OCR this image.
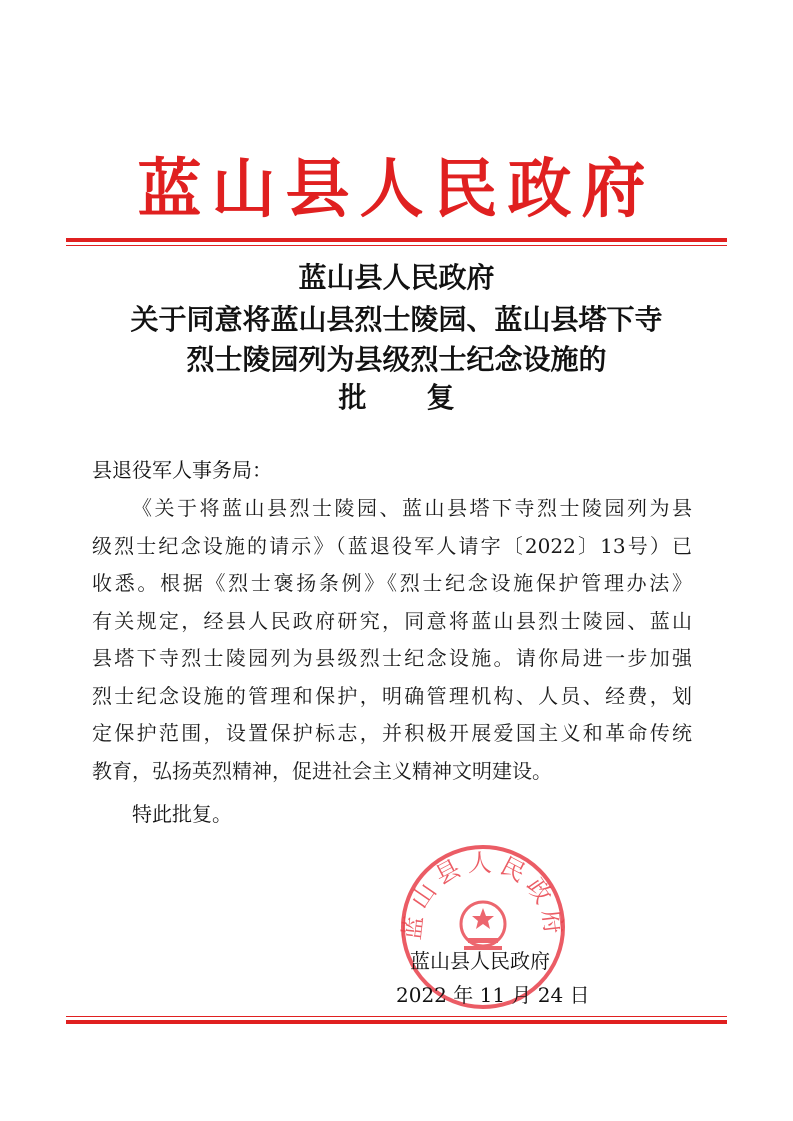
蓝山县人民政府
蓝山县人民政府
关于同意将蓝山县烈士陵园、蓝山县塔下寺
烈士陵园列为县级烈士纪念设施的
批复
县退役军人事务局：
《关于将蓝山县烈士陵园、蓝山县塔下寺烈士陵园列为县
级烈士纪念设施的请示》（蓝退役军人请字〔2022〕13号）已
收悉。根据《烈士褒扬条例》《烈士纪念设施保护管理办法》
有关规定，经县人民政府研究，同意将蓝山县烈士陵园、蓝山
县塔下寺烈士陵园列为县级烈士纪念设施。请你局进一步加强
烈士纪念设施的管理和保护，明确管理机构、人员、经费，划
定保护范围，设置保护标志，并积极开展爱国主义和革命传统
教育，弘扬英烈精神，促进社会主义精神文明建设。
特此批复。
蓝山县人民政府
蓝山县人民政府
2022 年 11 月 24 日
